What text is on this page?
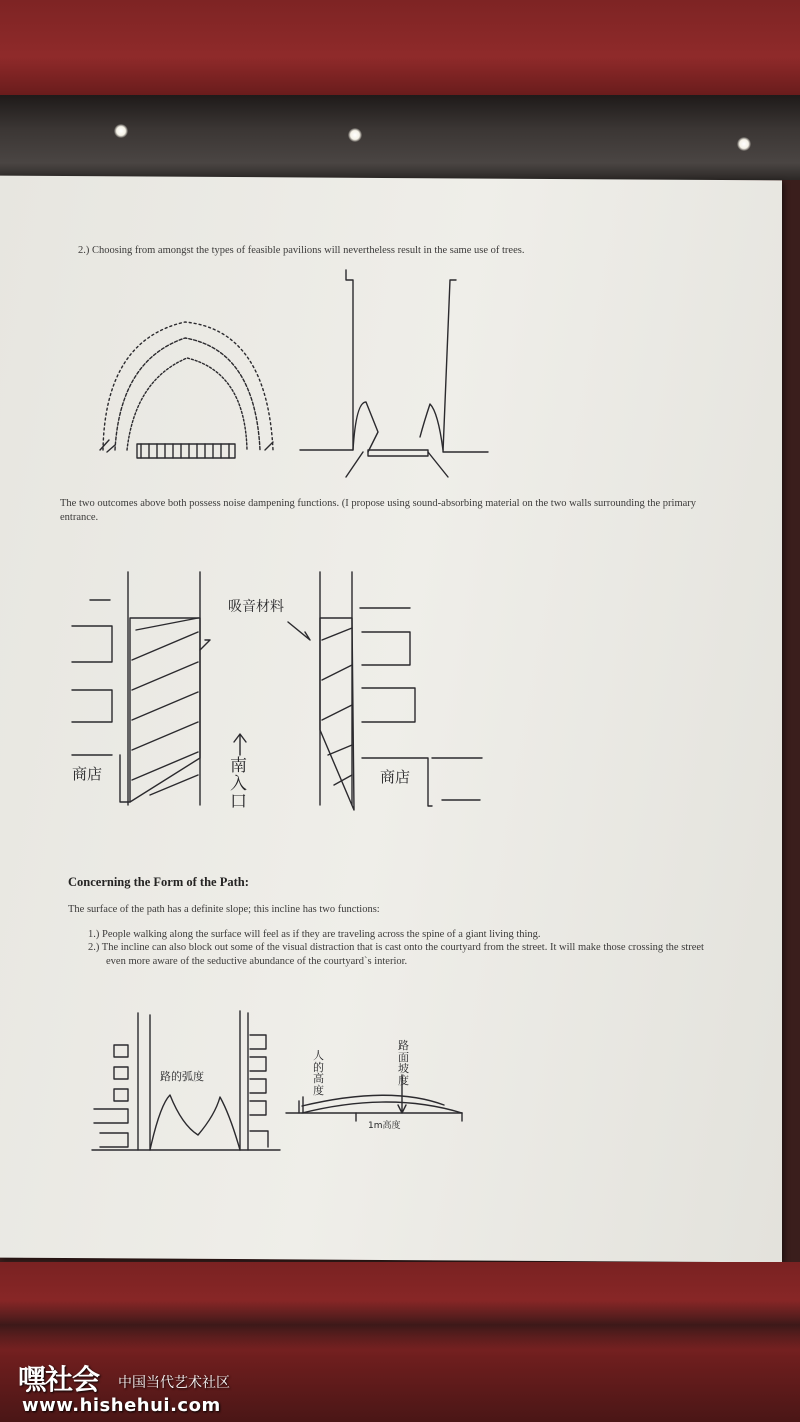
2.) Choosing from amongst the types of feasible pavilions will nevertheless result in the same use of trees.
The two outcomes above both possess noise dampening functions. (I propose using sound-absorbing material on the two walls surrounding the primary entrance.
吸音材料
商店	商店
南入口
Concerning the Form of the Path:
The surface of the path has a definite slope; this incline has two functions:
1.) People walking along the surface will feel as if they are traveling across the spine of a giant living thing.
2.) The incline can also block out some of the visual distraction that is cast onto the courtyard from the street. It will make those crossing the street even more aware of the seductive abundance of the courtyard`s interior.
路的弧度
人的高度
路面坡度
1m高度
嘿社会 中国当代艺术社区
www.hishehui.com
